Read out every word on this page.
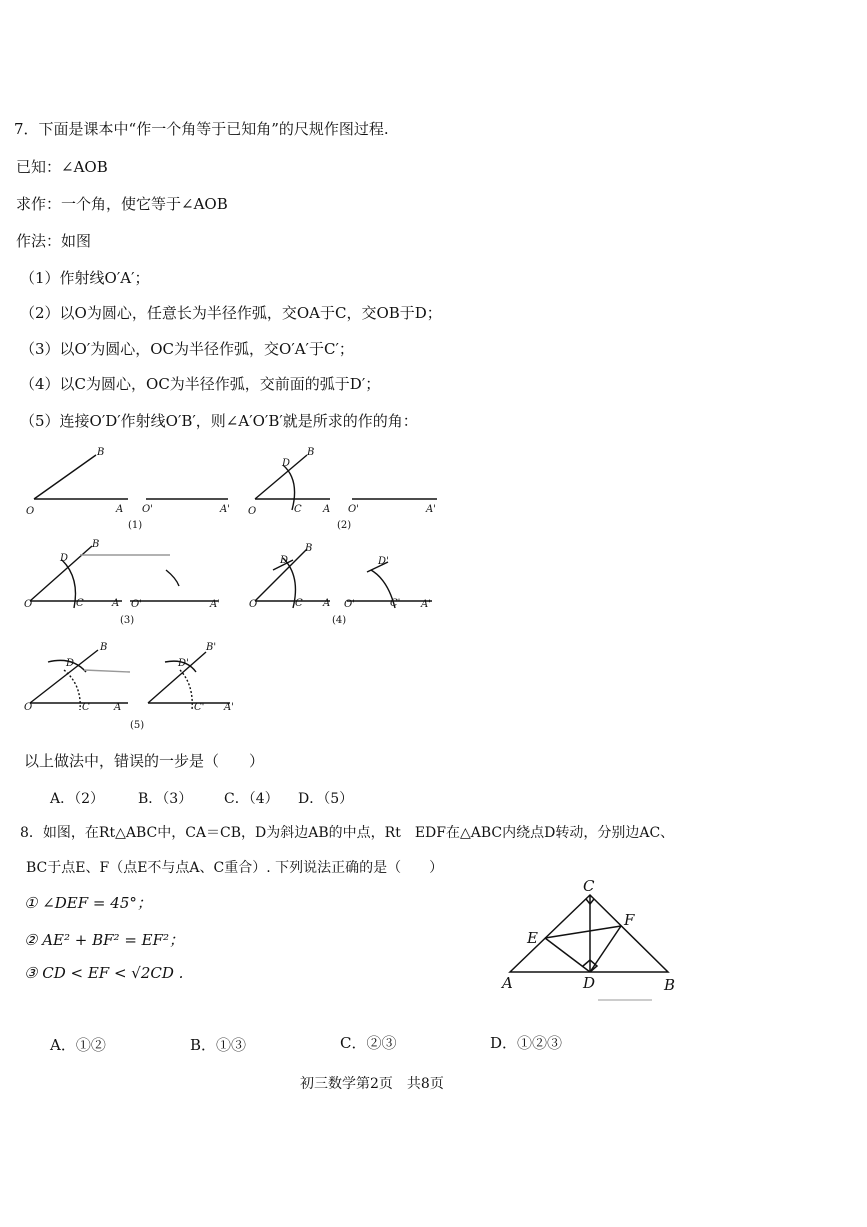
7．下面是课本中“作一个角等于已知角”的尺规作图过程.
已知：∠AOB
求作：一个角，使它等于∠AOB
作法：如图
（1）作射线O′A′；
（2）以O为圆心，任意长为半径作弧，交OA于C，交OB于D；
（3）以O′为圆心，OC为半径作弧，交O′A′于C′；
（4）以C为圆心，OC为半径作弧，交前面的弧于D′；
（5）连接O′D′作射线O′B′，则∠A′O′B′就是所求的作的角：
O	A
B
O'	A'
(1)
O	C A
D
B
O'	A'
(2)
O	C	A
D
B
O'	A'
(3)
O	C A
D
B
O'	C' A'
D'
(4)
O	C A
D
B
C' A'
D'
B'
(5)
以上做法中，错误的一步是（　　）
A．（2） B．（3） C．（4） D．（5）
8．如图，在Rt△ABC中，CA＝CB，D为斜边AB的中点，Rt　EDF在△ABC内绕点D转动，分别边AC、
BC于点E、F（点E不与点A、C重合）. 下列说法正确的是（　　）
① ∠DEF = 45°；
② AE² + BF² = EF²；
③ CD < EF < √2CD .
C
F
E
A	D	B
A．①②	B．①③	C．②③	D．①②③
初三数学第2页　共8页
